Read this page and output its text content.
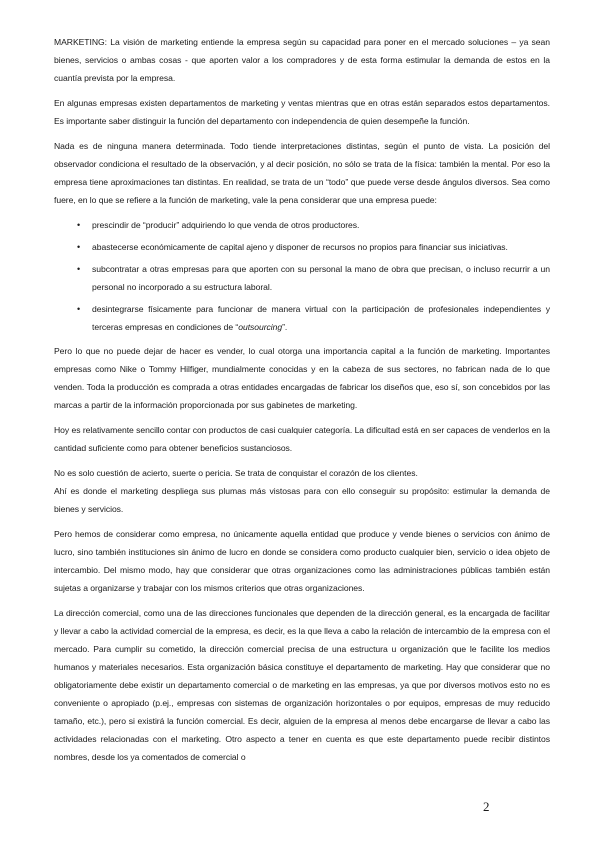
MARKETING: La visión de marketing entiende la empresa según su capacidad para poner en el mercado soluciones – ya sean bienes, servicios o ambas cosas - que aporten valor a los compradores y de esta forma estimular la demanda de estos en la cuantía prevista por la empresa.

En algunas empresas existen departamentos de marketing y ventas mientras que en otras están separados estos departamentos. Es importante saber distinguir la función del departamento con independencia de quien desempeñe la función.

Nada es de ninguna manera determinada. Todo tiende interpretaciones distintas, según el punto de vista. La posición del observador condiciona el resultado de la observación, y al decir posición, no sólo se trata de la física: también la mental. Por eso la empresa tiene aproximaciones tan distintas. En realidad, se trata de un “todo” que puede verse desde ángulos diversos. Sea como fuere, en lo que se refiere a la función de marketing, vale la pena considerar que una empresa puede:

• prescindir de “producir” adquiriendo lo que venda de otros productores.

• abastecerse económicamente de capital ajeno y disponer de recursos no propios para financiar sus iniciativas.

• subcontratar a otras empresas para que aporten con su personal la mano de obra que precisan, o incluso recurrir a un personal no incorporado a su estructura laboral.

• desintegrarse físicamente para funcionar de manera virtual con la participación de profesionales independientes y terceras empresas en condiciones de “outsourcing”.

Pero lo que no puede dejar de hacer es vender, lo cual otorga una importancia capital a la función de marketing. Importantes empresas como Nike o Tommy Hilfiger, mundialmente conocidas y en la cabeza de sus sectores, no fabrican nada de lo que venden. Toda la producción es comprada a otras entidades encargadas de fabricar los diseños que, eso sí, son concebidos por las marcas a partir de la información proporcionada por sus gabinetes de marketing.

Hoy es relativamente sencillo contar con productos de casi cualquier categoría. La dificultad está en ser capaces de venderlos en la cantidad suficiente como para obtener beneficios sustanciosos.

No es solo cuestión de acierto, suerte o pericia. Se trata de conquistar el corazón de los clientes.

Ahí es donde el marketing despliega sus plumas más vistosas para con ello conseguir su propósito: estimular la demanda de bienes y servicios.

Pero hemos de considerar como empresa, no únicamente aquella entidad que produce y vende bienes o servicios con ánimo de lucro, sino también instituciones sin ánimo de lucro en donde se considera como producto cualquier bien, servicio o idea objeto de intercambio. Del mismo modo, hay que considerar que otras organizaciones como las administraciones públicas también están sujetas a organizarse y trabajar con los mismos criterios que otras organizaciones.

La dirección comercial, como una de las direcciones funcionales que dependen de la dirección general, es la encargada de facilitar y llevar a cabo la actividad comercial de la empresa, es decir, es la que lleva a cabo la relación de intercambio de la empresa con el mercado. Para cumplir su cometido, la dirección comercial precisa de una estructura u organización que le facilite los medios humanos y materiales necesarios. Esta organización básica constituye el departamento de marketing. Hay que considerar que no obligatoriamente debe existir un departamento comercial o de marketing en las empresas, ya que por diversos motivos esto no es conveniente o apropiado (p.ej., empresas con sistemas de organización horizontales o por equipos, empresas de muy reducido tamaño, etc.), pero si existirá la función comercial. Es decir, alguien de la empresa al menos debe encargarse de llevar a cabo las actividades relacionadas con el marketing. Otro aspecto a tener en cuenta es que este departamento puede recibir distintos nombres, desde los ya comentados de comercial o

2
